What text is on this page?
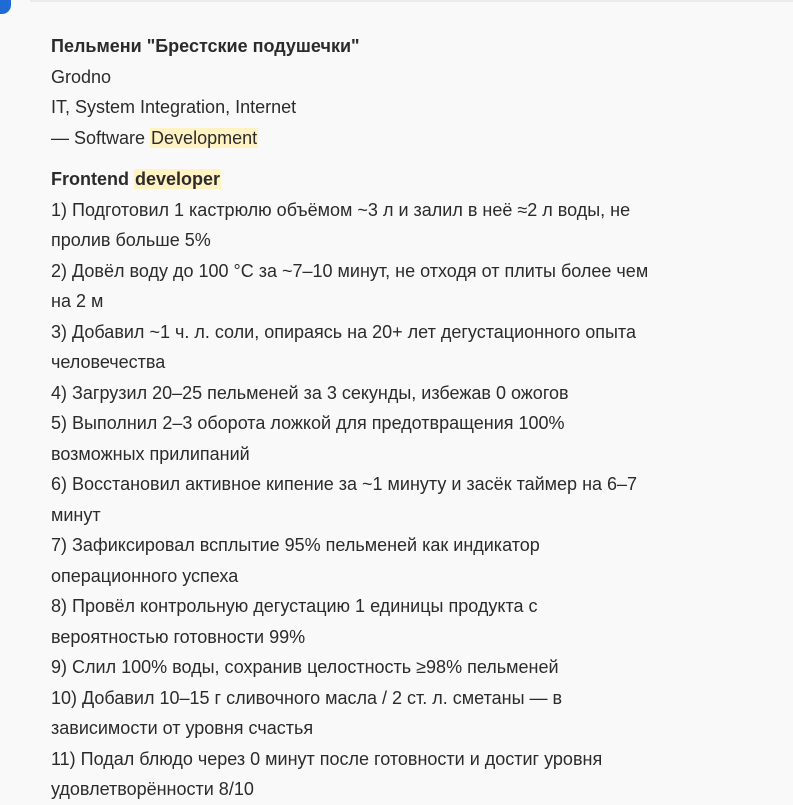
Пельмени "Брестские подушечки"
Grodno
IT, System Integration, Internet
— Software Development
Frontend developer
1) Подготовил 1 кастрюлю объёмом ~3 л и залил в неё ≈2 л воды, не
пролив больше 5%
2) Довёл воду до 100 °C за ~7–10 минут, не отходя от плиты более чем
на 2 м
3) Добавил ~1 ч. л. соли, опираясь на 20+ лет дегустационного опыта
человечества
4) Загрузил 20–25 пельменей за 3 секунды, избежав 0 ожогов
5) Выполнил 2–3 оборота ложкой для предотвращения 100%
возможных прилипаний
6) Восстановил активное кипение за ~1 минуту и засёк таймер на 6–7
минут
7) Зафиксировал всплытие 95% пельменей как индикатор
операционного успеха
8) Провёл контрольную дегустацию 1 единицы продукта с
вероятностью готовности 99%
9) Слил 100% воды, сохранив целостность ≥98% пельменей
10) Добавил 10–15 г сливочного масла / 2 ст. л. сметаны — в
зависимости от уровня счастья
11) Подал блюдо через 0 минут после готовности и достиг уровня
удовлетворённости 8/10
